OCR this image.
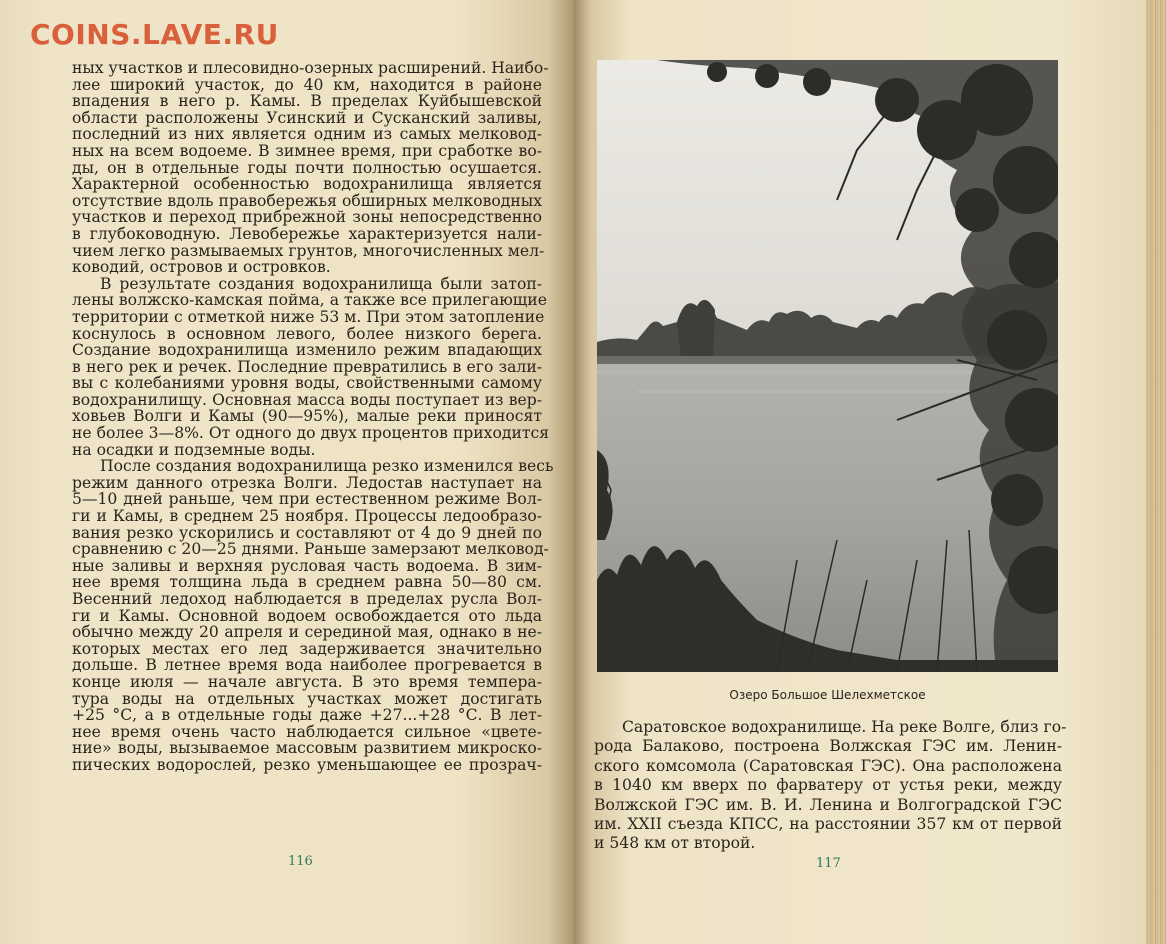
COINS.LAVE.RU
ных участков и плесовидно-озерных расширений. Наибо-
лее широкий участок, до 40 км, находится в районе
впадения в него р. Камы. В пределах Куйбышевской
области расположены Усинский и Сусканский заливы,
последний из них является одним из самых мелковод-
ных на всем водоеме. В зимнее время, при сработке во-
ды, он в отдельные годы почти полностью осушается.
Характерной особенностью водохранилища является
отсутствие вдоль правобережья обширных мелководных
участков и переход прибрежной зоны непосредственно
в глубоководную. Левобережье характеризуется нали-
чием легко размываемых грунтов, многочисленных мел-
ководий, островов и островков.
В результате создания водохранилища были затоп-
лены волжско-камская пойма, а также все прилегающие
территории с отметкой ниже 53 м. При этом затопление
коснулось в основном левого, более низкого берега.
Создание водохранилища изменило режим впадающих
в него рек и речек. Последние превратились в его зали-
вы с колебаниями уровня воды, свойственными самому
водохранилищу. Основная масса воды поступает из вер-
ховьев Волги и Камы (90—95%), малые реки приносят
не более 3—8%. От одного до двух процентов приходится
на осадки и подземные воды.
После создания водохранилища резко изменился весь
режим данного отрезка Волги. Ледостав наступает на
5—10 дней раньше, чем при естественном режиме Вол-
ги и Камы, в среднем 25 ноября. Процессы ледообразо-
вания резко ускорились и составляют от 4 до 9 дней по
сравнению с 20—25 днями. Раньше замерзают мелковод-
ные заливы и верхняя русловая часть водоема. В зим-
нее время толщина льда в среднем равна 50—80 см.
Весенний ледоход наблюдается в пределах русла Вол-
ги и Камы. Основной водоем освобождается ото льда
обычно между 20 апреля и серединой мая, однако в не-
которых местах его лед задерживается значительно
дольше. В летнее время вода наиболее прогревается в
конце июля — начале августа. В это время темпера-
тура воды на отдельных участках может достигать
+25 °С, а в отдельные годы даже +27...+28 °С. В лет-
нее время очень часто наблюдается сильное «цвете-
ние» воды, вызываемое массовым развитием микроско-
пических водорослей, резко уменьшающее ее прозрач-
116
Озеро Большое Шелехметское
Саратовское водохранилище. На реке Волге, близ го-
рода Балаково, построена Волжская ГЭС им. Ленин-
ского комсомола (Саратовская ГЭС). Она расположена
в 1040 км вверх по фарватеру от устья реки, между
Волжской ГЭС им. В. И. Ленина и Волгоградской ГЭС
им. XXII съезда КПСС, на расстоянии 357 км от первой
и 548 км от второй.
117
